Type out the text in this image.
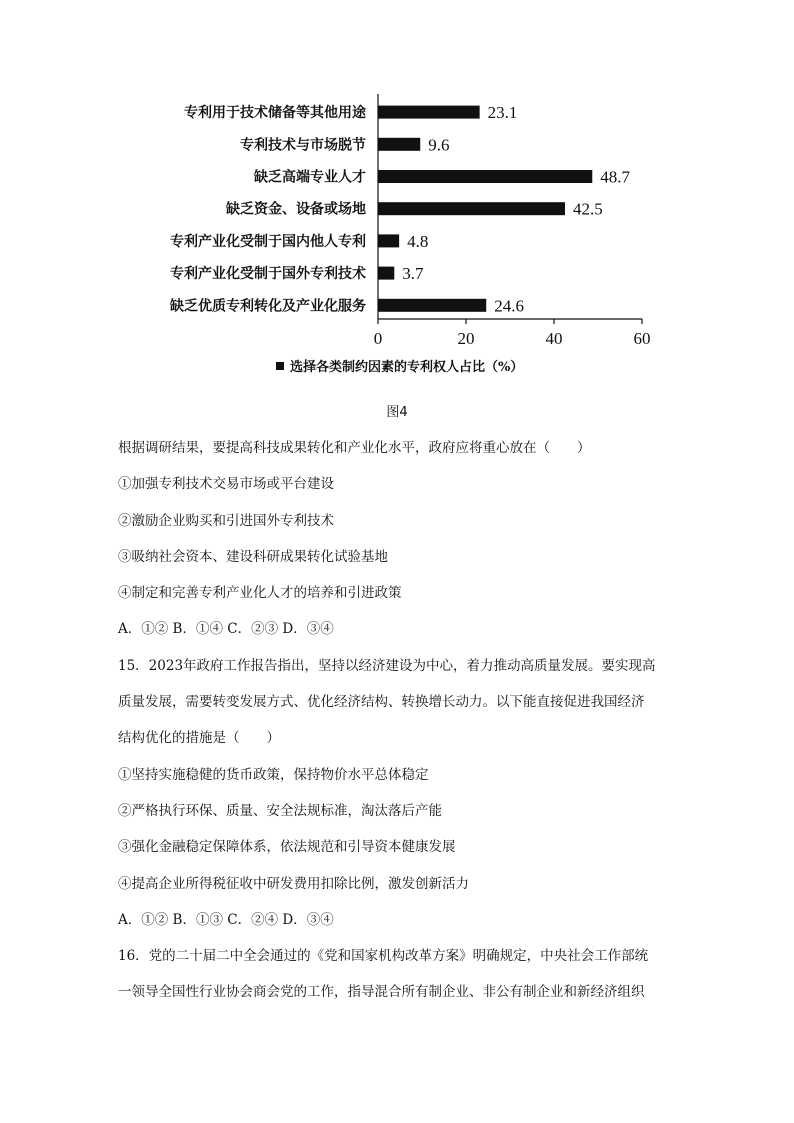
专利用于技术储备等其他用途	23.1
专利技术与市场脱节	9.6
缺乏高端专业人才	48.7
缺乏资金、设备或场地	42.5
专利产业化受制于国内他人专利 4.8
专利产业化受制于国外专利技术 3.7
缺乏优质专利转化及产业化服务	24.6
0	20	40	60
选择各类制约因素的专利权人占比（%）
图4
根据调研结果，要提高科技成果转化和产业化水平，政府应将重心放在（　　）
①加强专利技术交易市场或平台建设
②激励企业购买和引进国外专利技术
③吸纳社会资本、建设科研成果转化试验基地
④制定和完善专利产业化人才的培养和引进政策
A．①② B．①④ C．②③ D．③④
15．2023年政府工作报告指出，坚持以经济建设为中心，着力推动高质量发展。要实现高
质量发展，需要转变发展方式、优化经济结构、转换增长动力。以下能直接促进我国经济
结构优化的措施是（　　）
①坚持实施稳健的货币政策，保持物价水平总体稳定
②严格执行环保、质量、安全法规标准，淘汰落后产能
③强化金融稳定保障体系，依法规范和引导资本健康发展
④提高企业所得税征收中研发费用扣除比例，激发创新活力
A．①② B．①③ C．②④ D．③④
16．党的二十届二中全会通过的《党和国家机构改革方案》明确规定，中央社会工作部统
一领导全国性行业协会商会党的工作，指导混合所有制企业、非公有制企业和新经济组织
